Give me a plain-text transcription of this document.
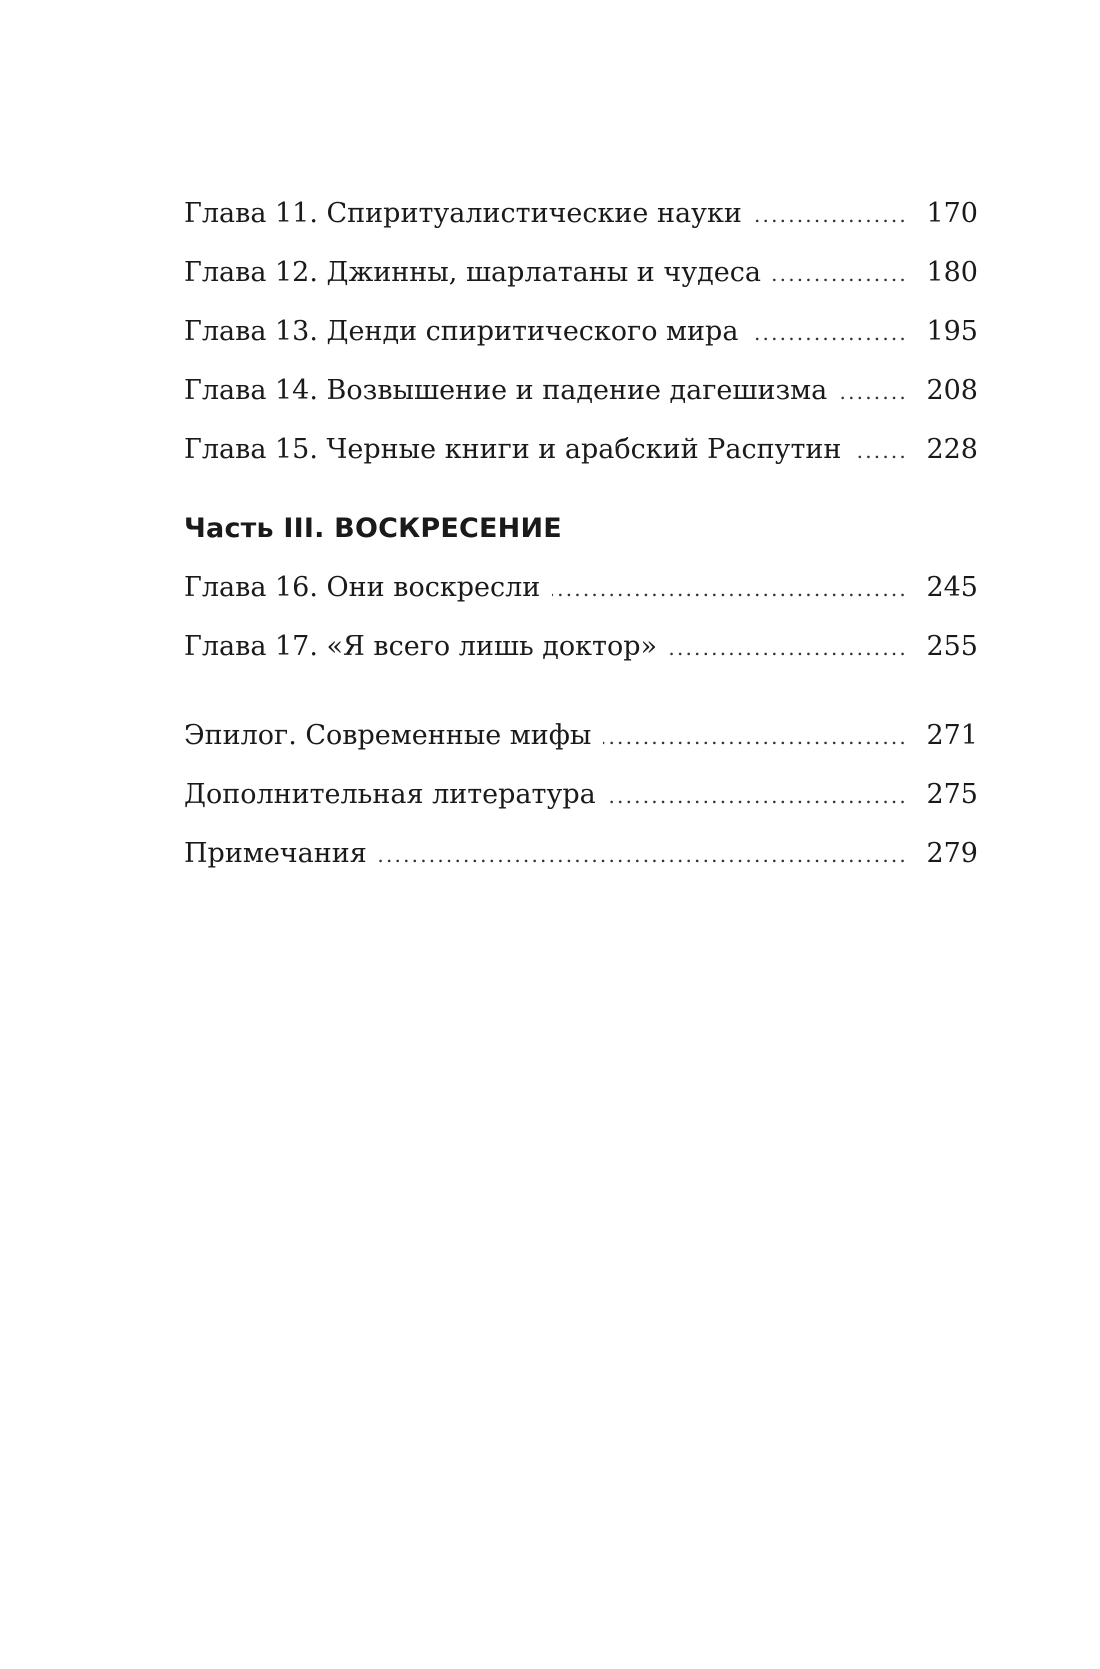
Глава 11. Спиритуалистические науки .....	170
Глава 12. Джинны, шарлатаны и чудеса .....	180
Глава 13. Денди спиритического мира .....	195
Глава 14. Возвышение и падение дагешизма .....	208
Глава 15. Черные книги и арабский Распутин .....	228
Часть III. ВОСКРЕСЕНИЕ
Глава 16. Они воскресли .....	245
Глава 17. «Я всего лишь доктор» .....	255
Эпилог. Современные мифы .....	271
Дополнительная литература .....	275
Примечания .....	279
